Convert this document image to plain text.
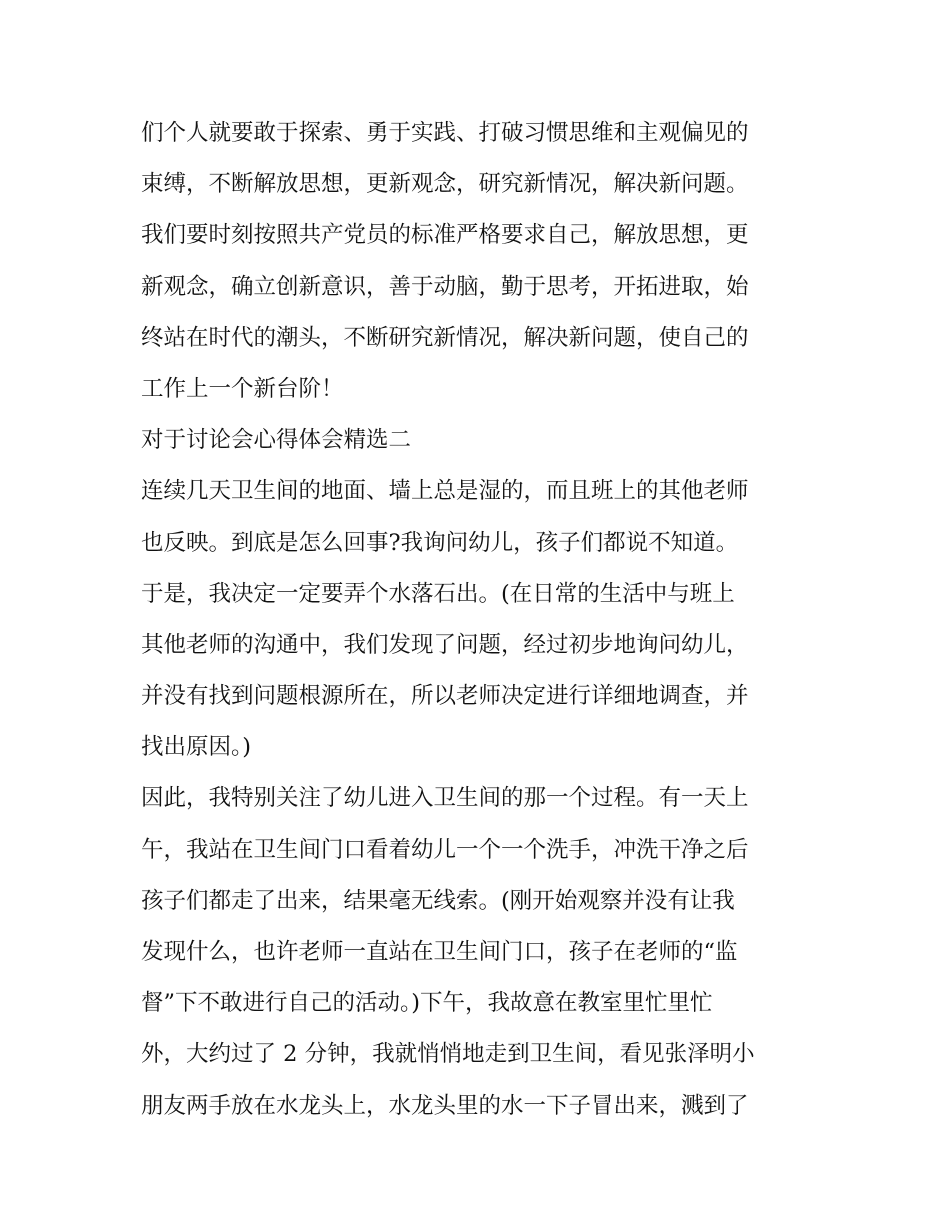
们个人就要敢于探索、勇于实践、打破习惯思维和主观偏见的
束缚，不断解放思想，更新观念，研究新情况，解决新问题。
我们要时刻按照共产党员的标准严格要求自己，解放思想，更
新观念，确立创新意识，善于动脑，勤于思考，开拓进取，始
终站在时代的潮头，不断研究新情况，解决新问题，使自己的
工作上一个新台阶！
对于讨论会心得体会精选二
连续几天卫生间的地面、墙上总是湿的，而且班上的其他老师
也反映。到底是怎么回事?我询问幼儿，孩子们都说不知道。
于是，我决定一定要弄个水落石出。(在日常的生活中与班上
其他老师的沟通中，我们发现了问题，经过初步地询问幼儿，
并没有找到问题根源所在，所以老师决定进行详细地调查，并
找出原因。)
因此，我特别关注了幼儿进入卫生间的那一个过程。有一天上
午，我站在卫生间门口看着幼儿一个一个洗手，冲洗干净之后
孩子们都走了出来，结果毫无线索。(刚开始观察并没有让我
发现什么，也许老师一直站在卫生间门口，孩子在老师的“监
督”下不敢进行自己的活动。)下午，我故意在教室里忙里忙
外，大约过了 2 分钟，我就悄悄地走到卫生间，看见张泽明小
朋友两手放在水龙头上，水龙头里的水一下子冒出来，溅到了
